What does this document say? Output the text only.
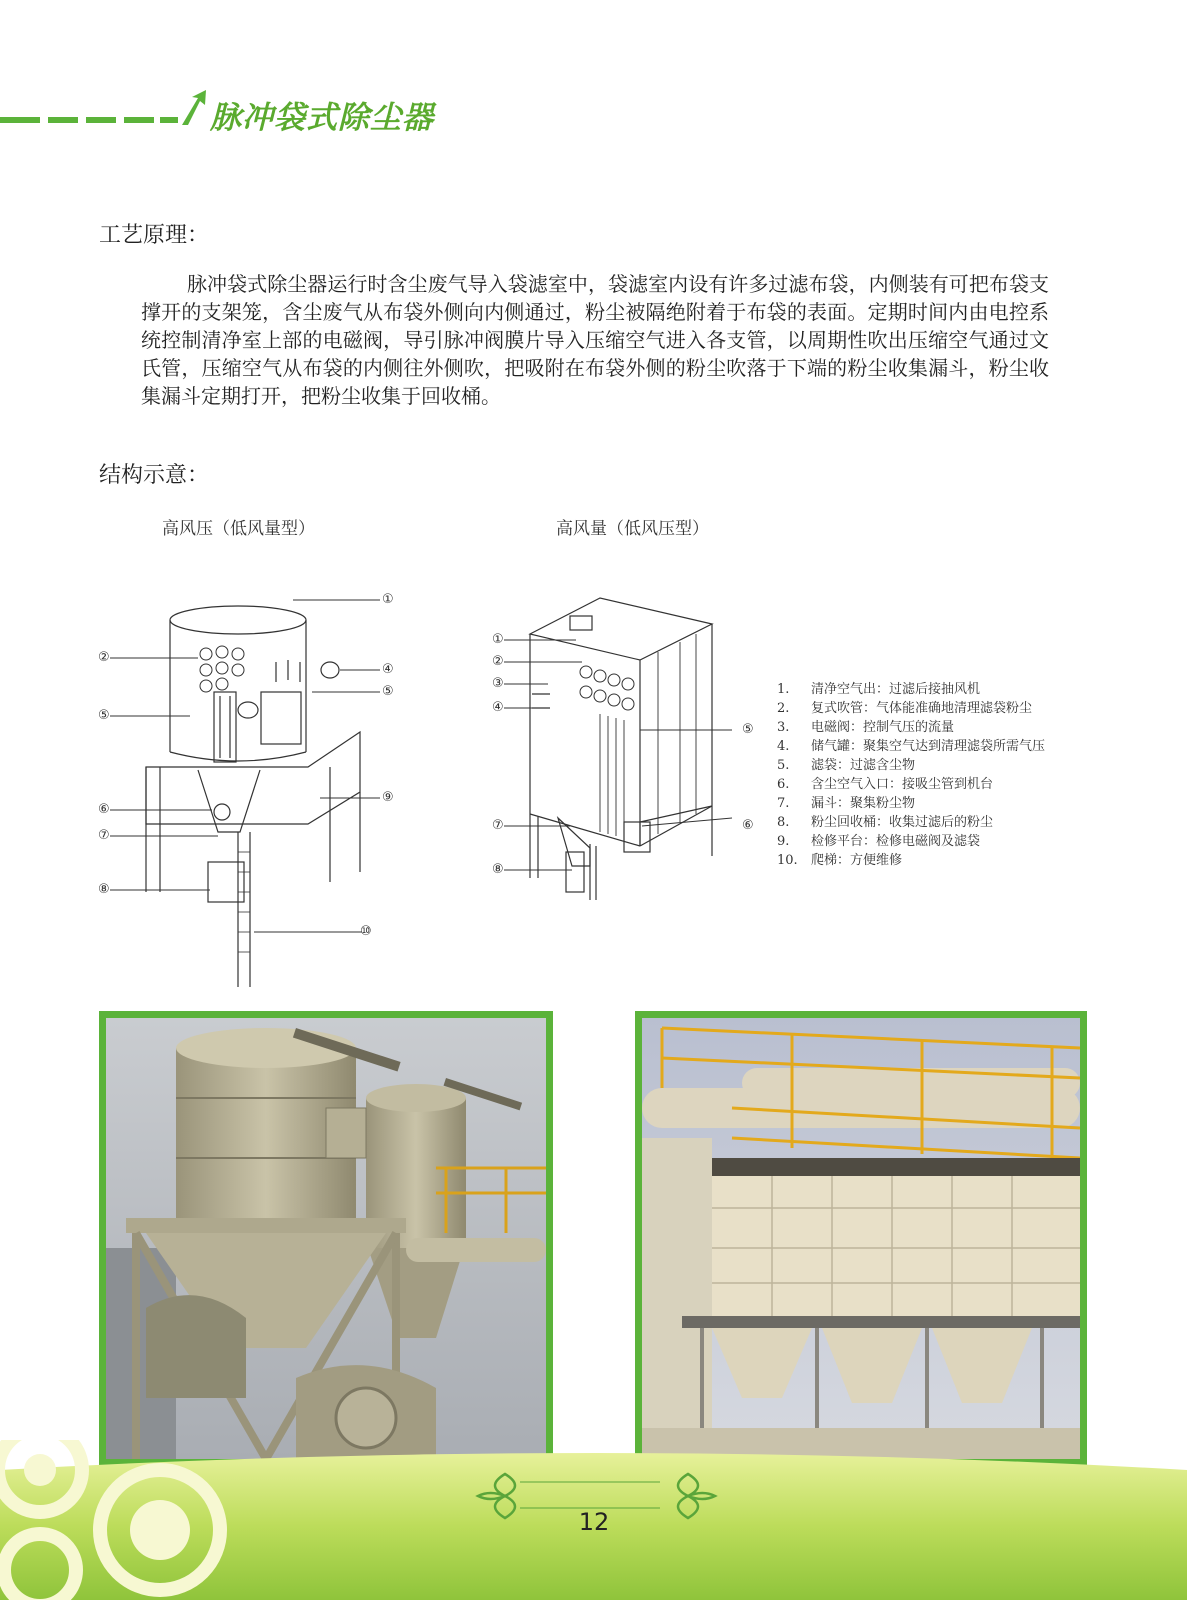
脉冲袋式除尘器
工艺原理：
脉冲袋式除尘器运行时含尘废气导入袋滤室中，袋滤室内设有许多过滤布袋，内侧装有可把布袋支撑开的支架笼，含尘废气从布袋外侧向内侧通过，粉尘被隔绝附着于布袋的表面。定期时间内由电控系统控制清净室上部的电磁阀，导引脉冲阀膜片导入压缩空气进入各支管，以周期性吹出压缩空气通过文氏管，压缩空气从布袋的内侧往外侧吹，把吸附在布袋外侧的粉尘吹落于下端的粉尘收集漏斗，粉尘收集漏斗定期打开，把粉尘收集于回收桶。
结构示意：
高风压（低风量型）	高风量（低风压型）
①
②
④
⑤
⑤
⑥
⑦
⑧
⑨
⑩
①
②
③
④
⑤
⑥
⑦
⑧
1. 清净空气出：过滤后接抽风机
2. 复式吹管：气体能准确地清理滤袋粉尘
3. 电磁阀：控制气压的流量
4. 储气罐：聚集空气达到清理滤袋所需气压
5. 滤袋：过滤含尘物
6. 含尘空气入口：接吸尘管到机台
7. 漏斗：聚集粉尘物
8. 粉尘回收桶：收集过滤后的粉尘
9. 检修平台：检修电磁阀及滤袋
10. 爬梯：方便维修
12
